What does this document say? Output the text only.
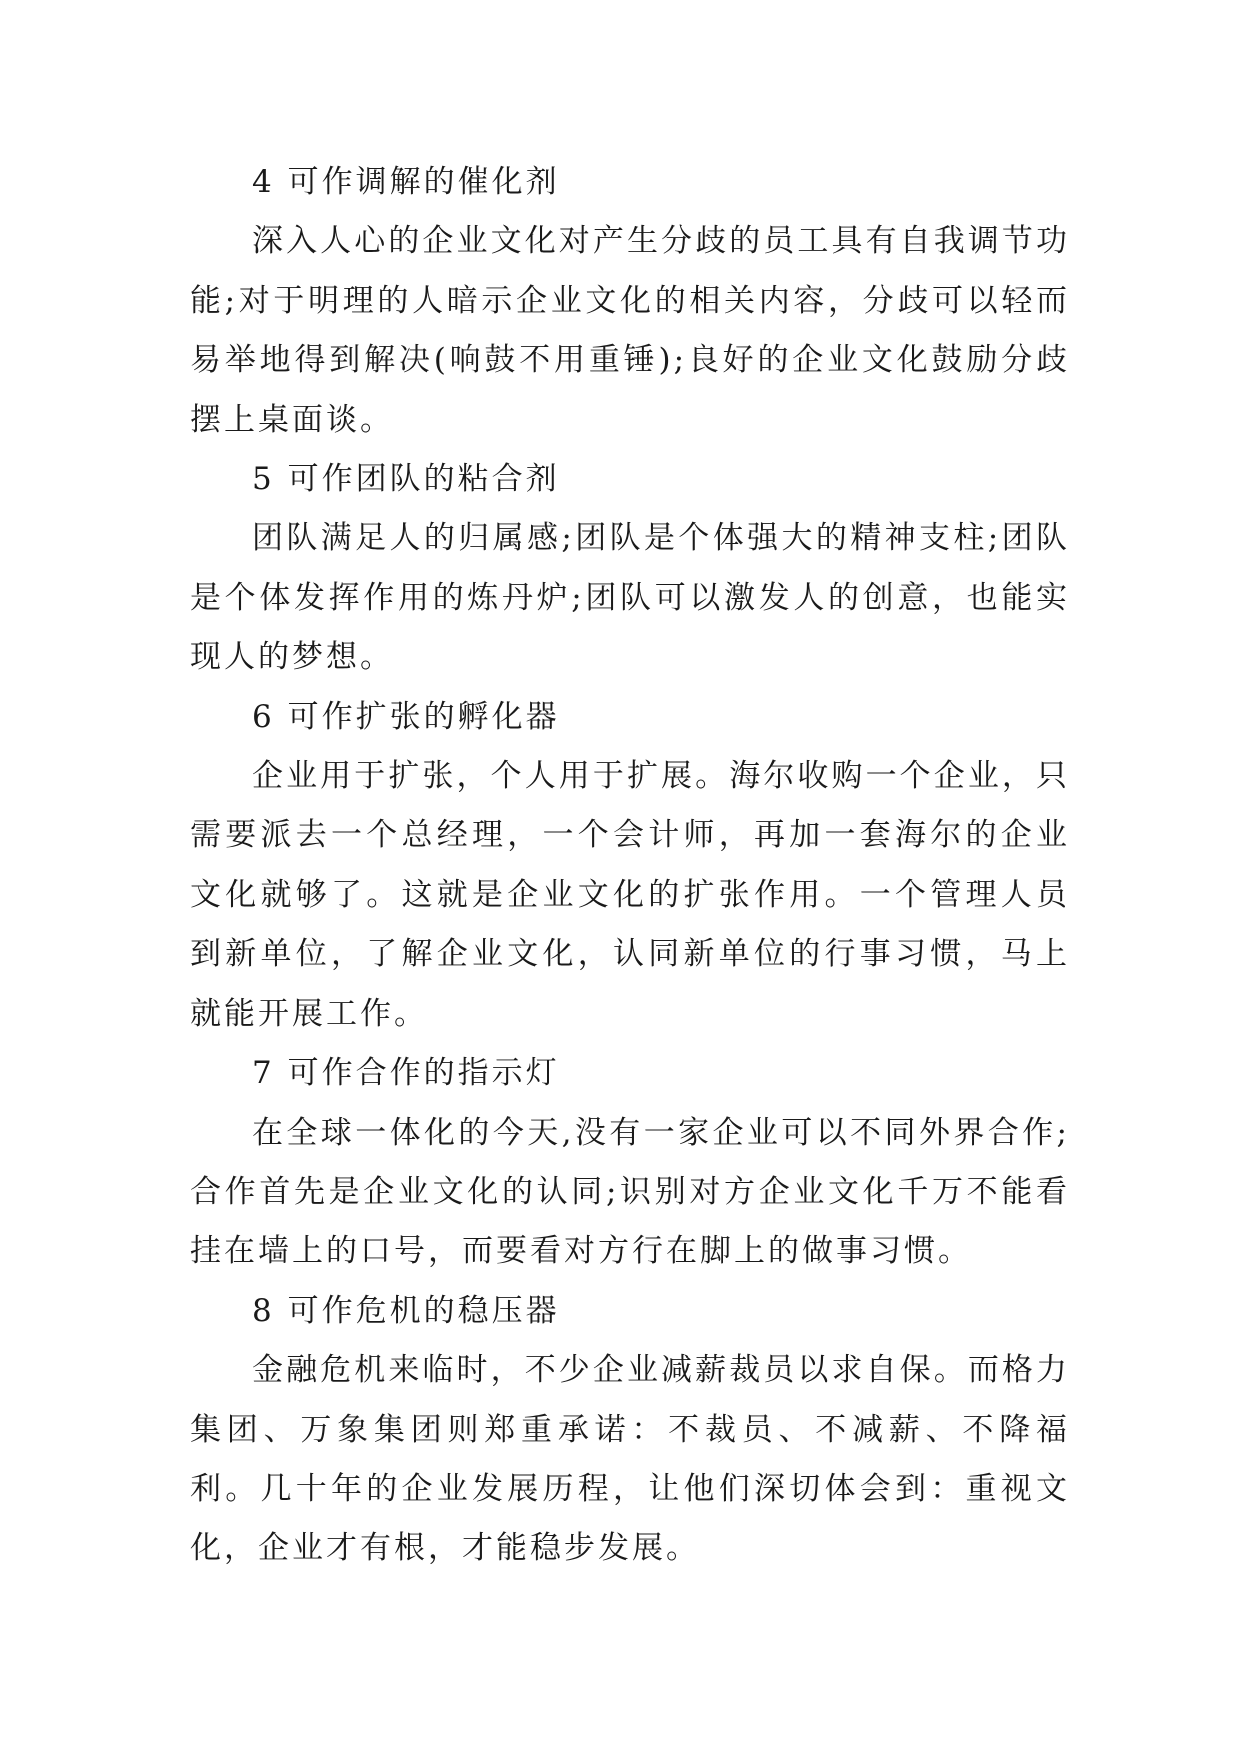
4 可作调解的催化剂

深入人心的企业文化对产生分歧的员工具有自我调节功能;对于明理的人暗示企业文化的相关内容，分歧可以轻而易举地得到解决(响鼓不用重锤);良好的企业文化鼓励分歧摆上桌面谈。

5 可作团队的粘合剂

团队满足人的归属感;团队是个体强大的精神支柱;团队是个体发挥作用的炼丹炉;团队可以激发人的创意，也能实现人的梦想。

6 可作扩张的孵化器

企业用于扩张，个人用于扩展。海尔收购一个企业，只需要派去一个总经理，一个会计师，再加一套海尔的企业文化就够了。这就是企业文化的扩张作用。一个管理人员到新单位，了解企业文化，认同新单位的行事习惯，马上就能开展工作。

7 可作合作的指示灯

在全球一体化的今天,没有一家企业可以不同外界合作;合作首先是企业文化的认同;识别对方企业文化千万不能看挂在墙上的口号，而要看对方行在脚上的做事习惯。

8 可作危机的稳压器

金融危机来临时，不少企业减薪裁员以求自保。而格力集团、万象集团则郑重承诺：不裁员、不减薪、不降福利。几十年的企业发展历程，让他们深切体会到：重视文化，企业才有根，才能稳步发展。
